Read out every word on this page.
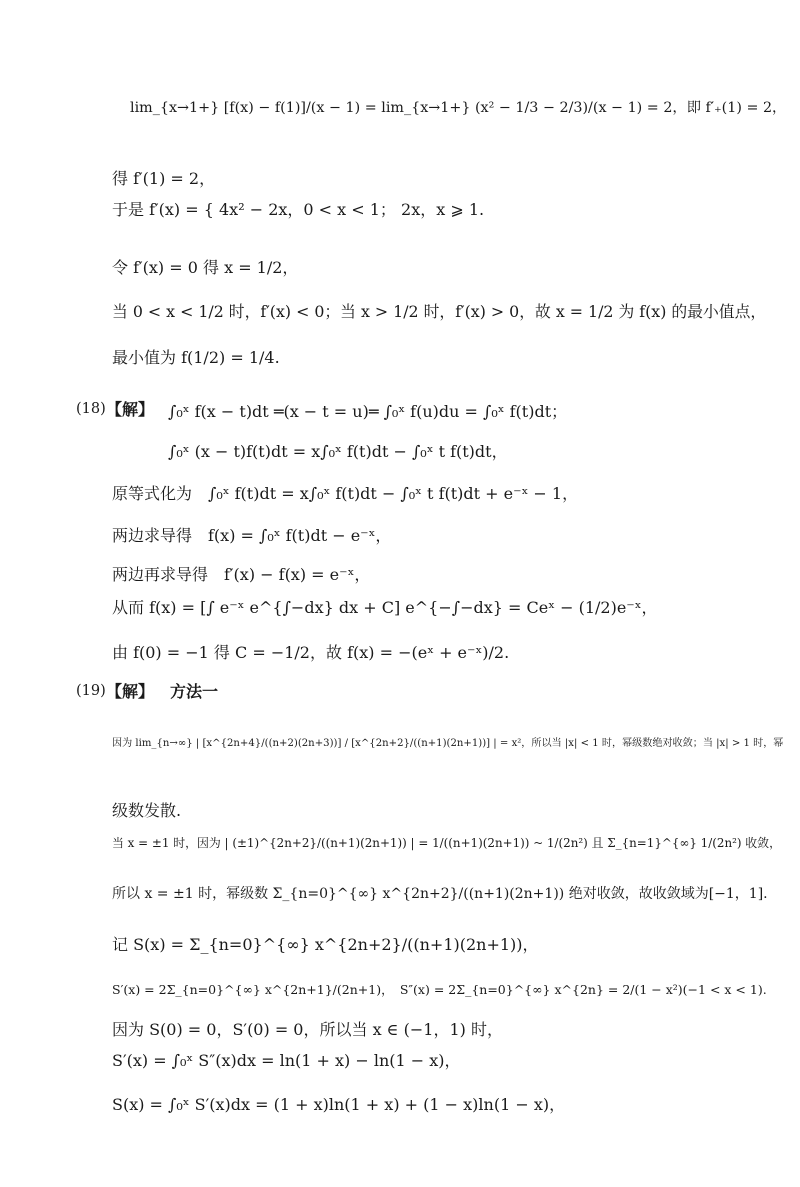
lim_{x→1+} [f(x) − f(1)]/(x − 1) = lim_{x→1+} (x² − 1/3 − 2/3)/(x − 1) = 2，即 f′₊(1) = 2，
得 f′(1) = 2，
于是 f′(x) = { 4x² − 2x，0 < x < 1； 2x，x ⩾ 1.
令 f′(x) = 0 得 x = 1/2，
当 0 < x < 1/2 时，f′(x) < 0；当 x > 1/2 时，f′(x) > 0，故 x = 1/2 为 f(x) 的最小值点，
最小值为 f(1/2) = 1/4.
(18) 【解】 ∫₀ˣ f(x − t)dt ═(x − t = u)═ ∫₀ˣ f(u)du = ∫₀ˣ f(t)dt；
∫₀ˣ (x − t)f(t)dt = x∫₀ˣ f(t)dt − ∫₀ˣ t f(t)dt，
原等式化为　∫₀ˣ f(t)dt = x∫₀ˣ f(t)dt − ∫₀ˣ t f(t)dt + e⁻ˣ − 1，
两边求导得　f(x) = ∫₀ˣ f(t)dt − e⁻ˣ，
两边再求导得　f′(x) − f(x) = e⁻ˣ，
从而 f(x) = [∫ e⁻ˣ e^{∫−dx} dx + C] e^{−∫−dx} = Ceˣ − (1/2)e⁻ˣ，
由 f(0) = −1 得 C = −1/2，故 f(x) = −(eˣ + e⁻ˣ)/2.
(19) 【解】 方法一
因为 lim_{n→∞} | [x^{2n+4}/((n+2)(2n+3))] / [x^{2n+2}/((n+1)(2n+1))] | = x²，所以当 |x| < 1 时，幂级数绝对收敛；当 |x| > 1 时，幂
级数发散.
当 x = ±1 时，因为 | (±1)^{2n+2}/((n+1)(2n+1)) | = 1/((n+1)(2n+1)) ~ 1/(2n²) 且 Σ_{n=1}^{∞} 1/(2n²) 收敛，
所以 x = ±1 时，幂级数 Σ_{n=0}^{∞} x^{2n+2}/((n+1)(2n+1)) 绝对收敛，故收敛域为[−1，1].
记 S(x) = Σ_{n=0}^{∞} x^{2n+2}/((n+1)(2n+1))，
S′(x) = 2Σ_{n=0}^{∞} x^{2n+1}/(2n+1)，　S″(x) = 2Σ_{n=0}^{∞} x^{2n} = 2/(1 − x²)(−1 < x < 1).
因为 S(0) = 0，S′(0) = 0，所以当 x ∈ (−1，1) 时，
S′(x) = ∫₀ˣ S″(x)dx = ln(1 + x) − ln(1 − x)，
S(x) = ∫₀ˣ S′(x)dx = (1 + x)ln(1 + x) + (1 − x)ln(1 − x)，
